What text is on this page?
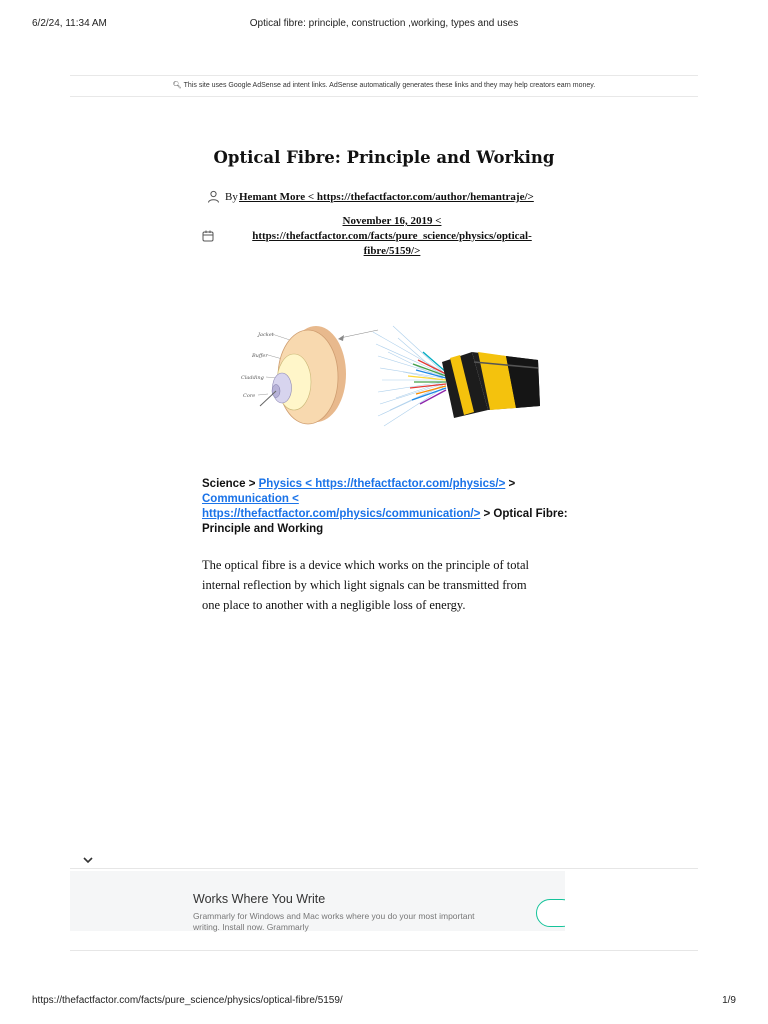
6/2/24, 11:34 AM	Optical fibre: principle, construction ,working, types and uses
🔍︎ This site uses Google AdSense ad intent links. AdSense automatically generates these links and they may help creators earn money.
Optical Fibre: Principle and Working
By Hemant More < https://thefactfactor.com/author/hemantraje/>
November 16, 2019 <
https://thefactfactor.com/facts/pure_science/physics/optical-
fibre/5159/>
Jacket
Buffer
Cladding
Core
Science > Physics < https://thefactfactor.com/physics/> >
Communication <
https://thefactfactor.com/physics/communication/> > Optical Fibre:
Principle and Working
The optical fibre is a device which works on the principle of total
internal reflection by which light signals can be transmitted from
one place to another with a negligible loss of energy.
Works Where You Write
Grammarly for Windows and Mac works where you do your most important
writing. Install now. Grammarly
https://thefactfactor.com/facts/pure_science/physics/optical-fibre/5159/	1/9
